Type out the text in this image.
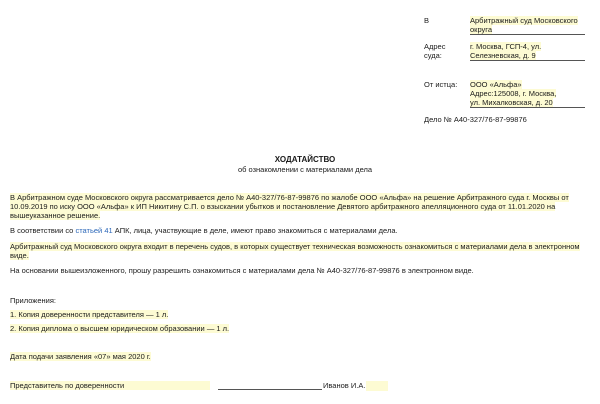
В	Арбитражный суд Московского
округа
Адрес
суда:
г. Москва, ГСП-4, ул.
Селезневская, д. 9
От истца: ООО «Альфа»
Адрес:125008, г. Москва,
ул. Михалковская, д. 20
Дело № А40-327/76-87-99876
ХОДАТАЙСТВО
об ознакомлении с материалами дела
В Арбитражном суде Московского округа рассматривается дело № А40-327/76-87-99876 по жалобе ООО «Альфа» на решение Арбитражного суда г. Москвы от
10.09.2019 по иску ООО «Альфа» к ИП Никитину С.П. о взыскании убытков и постановление Девятого арбитражного апелляционного суда от 11.01.2020 на
вышеуказанное решение.
В соответствии со статьей 41 АПК, лица, участвующие в деле, имеют право знакомиться с материалами дела.
Арбитражный суд Московского округа входит в перечень судов, в которых существует техническая возможность ознакомиться с материалами дела в электронном
виде.
На основании вышеизложенного, прошу разрешить ознакомиться с материалами дела № А40-327/76-87-99876 в электронном виде.
Приложения:
1. Копия доверенности представителя — 1 л.
2. Копия диплома о высшем юридическом образовании — 1 л.
Дата подачи заявления «07» мая 2020 г.
Представитель по доверенности	Иванов И.А.
